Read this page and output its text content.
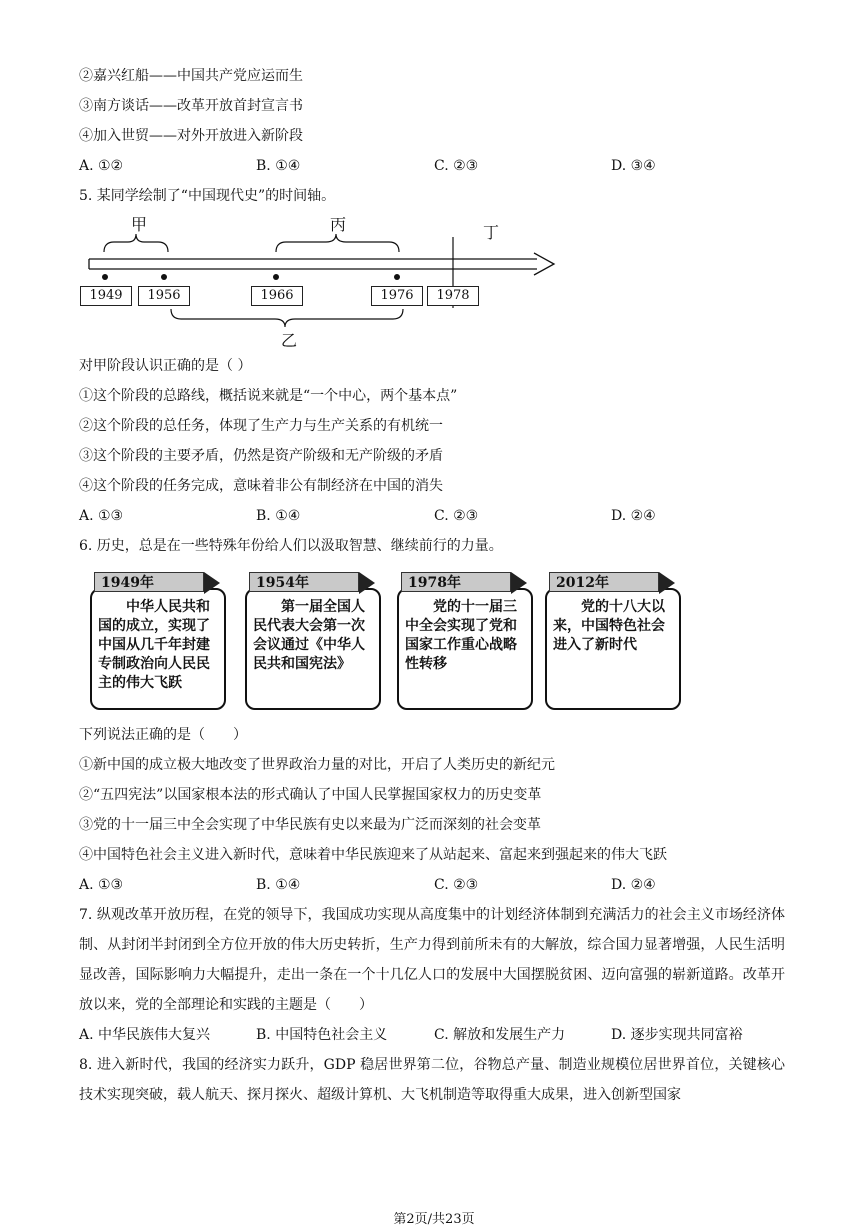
②嘉兴红船——中国共产党应运而生
③南方谈话——改革开放首封宣言书
④加入世贸——对外开放进入新阶段
A. ①②	B. ①④	C. ②③	D. ③④
5. 某同学绘制了“中国现代史”的时间轴。
甲	丙	丁
乙
1949	1956	1966	1976	1978
对甲阶段认识正确的是（ ）
①这个阶段的总路线，概括说来就是“一个中心，两个基本点”
②这个阶段的总任务，体现了生产力与生产关系的有机统一
③这个阶段的主要矛盾，仍然是资产阶级和无产阶级的矛盾
④这个阶段的任务完成，意味着非公有制经济在中国的消失
A. ①③	B. ①④	C. ②③	D. ②④
6. 历史，总是在一些特殊年份给人们以汲取智慧、继续前行的力量。
1949年
中华人民共和国的成立，实现了中国从几千年封建专制政治向人民民主的伟大飞跃
1954年
第一届全国人民代表大会第一次会议通过《中华人民共和国宪法》
1978年
党的十一届三中全会实现了党和国家工作重心战略性转移
2012年
党的十八大以来，中国特色社会进入了新时代
下列说法正确的是（　　）
①新中国的成立极大地改变了世界政治力量的对比，开启了人类历史的新纪元
②“五四宪法”以国家根本法的形式确认了中国人民掌握国家权力的历史变革
③党的十一届三中全会实现了中华民族有史以来最为广泛而深刻的社会变革
④中国特色社会主义进入新时代，意味着中华民族迎来了从站起来、富起来到强起来的伟大飞跃
A. ①③	B. ①④	C. ②③	D. ②④
7. 纵观改革开放历程，在党的领导下，我国成功实现从高度集中的计划经济体制到充满活力的社会主义市场经济体制、从封闭半封闭到全方位开放的伟大历史转折，生产力得到前所未有的大解放，综合国力显著增强，人民生活明显改善，国际影响力大幅提升，走出一条在一个十几亿人口的发展中大国摆脱贫困、迈向富强的崭新道路。改革开放以来，党的全部理论和实践的主题是（　　）
A. 中华民族伟大复兴	B. 中国特色社会主义	C. 解放和发展生产力	D. 逐步实现共同富裕
8. 进入新时代，我国的经济实力跃升，GDP 稳居世界第二位，谷物总产量、制造业规模位居世界首位，关键核心技术实现突破，载人航天、探月探火、超级计算机、大飞机制造等取得重大成果，进入创新型国家
第2页/共23页
